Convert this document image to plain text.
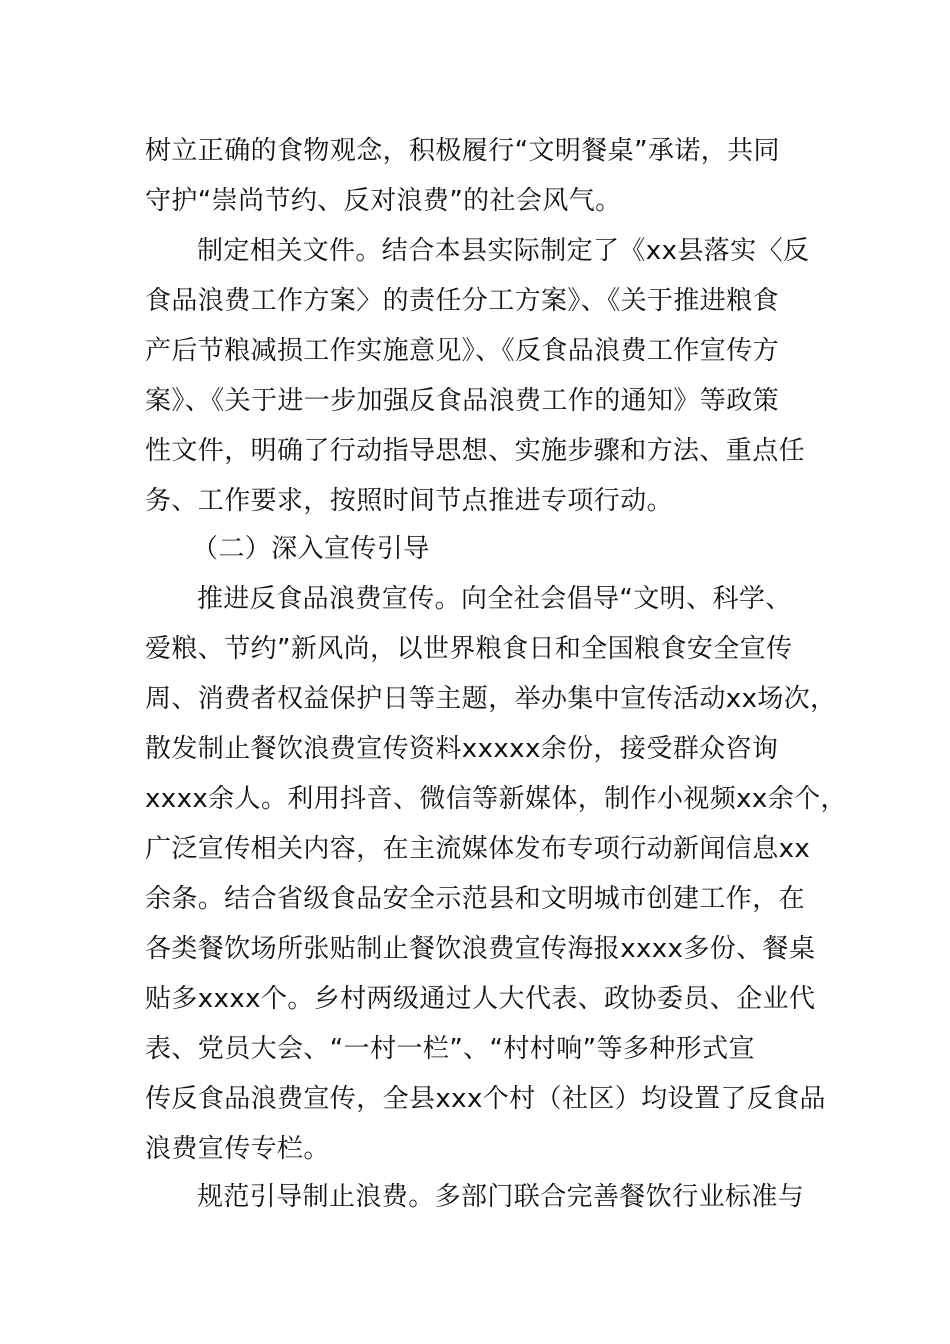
树立正确的食物观念，积极履行“文明餐桌”承诺，共同
守护“崇尚节约、反对浪费”的社会风气。
制定相关文件。结合本县实际制定了《xx县落实〈反
食品浪费工作方案〉的责任分工方案》、《关于推进粮食
产后节粮减损工作实施意见》、《反食品浪费工作宣传方
案》、《关于进一步加强反食品浪费工作的通知》等政策
性文件，明确了行动指导思想、实施步骤和方法、重点任
务、工作要求，按照时间节点推进专项行动。
（二）深入宣传引导
推进反食品浪费宣传。向全社会倡导“文明、科学、
爱粮、节约”新风尚，以世界粮食日和全国粮食安全宣传
周、消费者权益保护日等主题，举办集中宣传活动xx场次，
散发制止餐饮浪费宣传资料xxxxx余份，接受群众咨询
xxxx余人。利用抖音、微信等新媒体，制作小视频xx余个，
广泛宣传相关内容，在主流媒体发布专项行动新闻信息xx
余条。结合省级食品安全示范县和文明城市创建工作，在
各类餐饮场所张贴制止餐饮浪费宣传海报xxxx多份、餐桌
贴多xxxx个。乡村两级通过人大代表、政协委员、企业代
表、党员大会、“一村一栏”、“村村响”等多种形式宣
传反食品浪费宣传，全县xxx个村（社区）均设置了反食品
浪费宣传专栏。
规范引导制止浪费。多部门联合完善餐饮行业标准与
